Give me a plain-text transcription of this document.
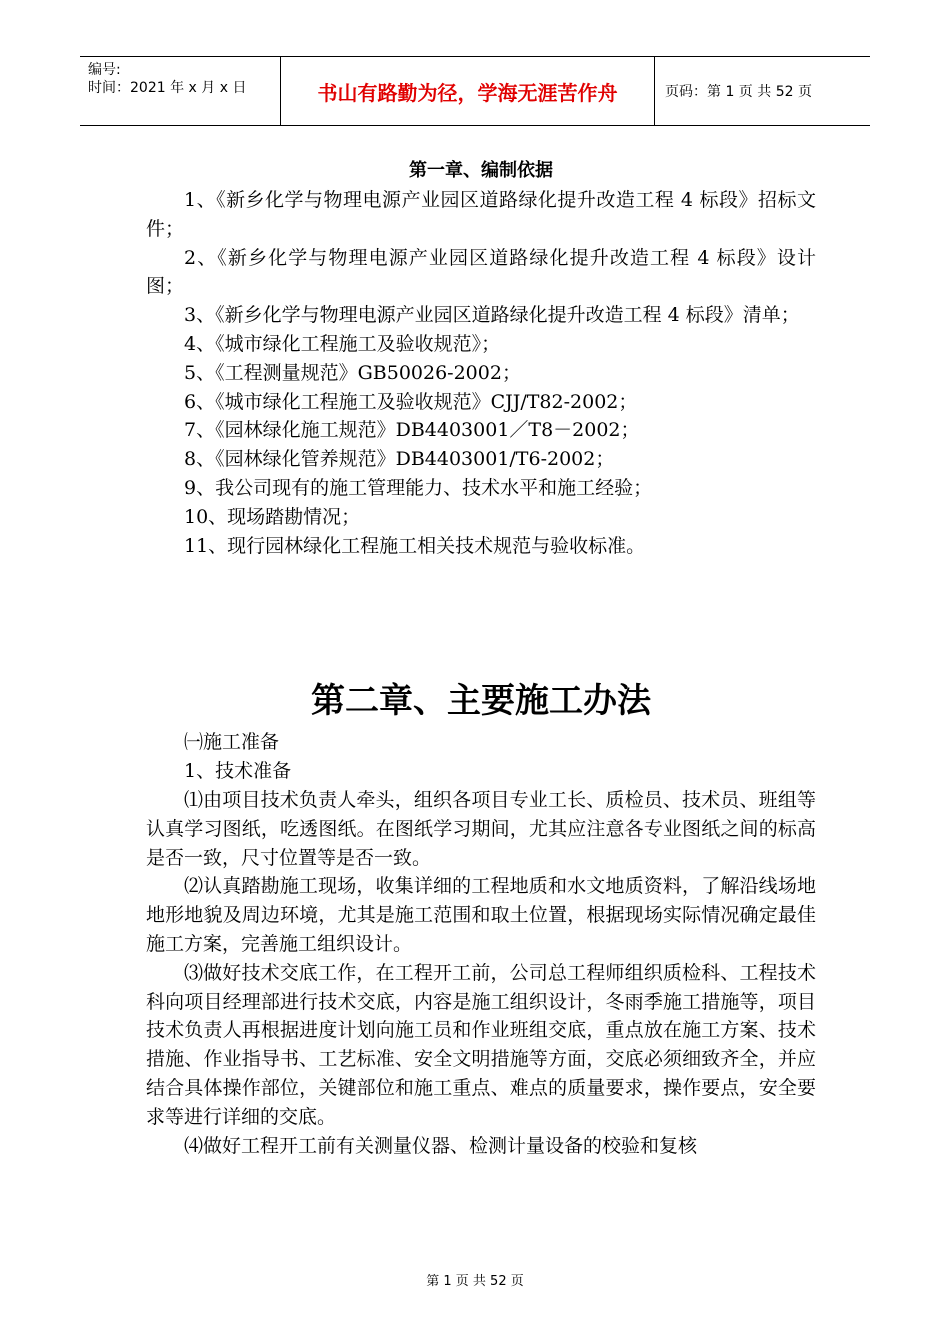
编号:
时间：2021 年 x 月 x 日	书山有路勤为径，学海无涯苦作舟	页码：第 1 页 共 52 页
第一章、编制依据

1、《新乡化学与物理电源产业园区道路绿化提升改造工程 4 标段》招标文件；

2、《新乡化学与物理电源产业园区道路绿化提升改造工程 4 标段》设计图；

3、《新乡化学与物理电源产业园区道路绿化提升改造工程 4 标段》清单；

4、《城市绿化工程施工及验收规范》；

5、《工程测量规范》GB50026-2002；

6、《城市绿化工程施工及验收规范》CJJ/T82-2002；

7、《园林绿化施工规范》DB4403001／T8－2002；

8、《园林绿化管养规范》DB4403001/T6-2002；

9、我公司现有的施工管理能力、技术水平和施工经验；

10、现场踏勘情况；

11、现行园林绿化工程施工相关技术规范与验收标准。

第二章、主要施工办法

㈠施工准备

1、技术准备

⑴由项目技术负责人牵头，组织各项目专业工长、质检员、技术员、班组等认真学习图纸，吃透图纸。在图纸学习期间，尤其应注意各专业图纸之间的标高是否一致，尺寸位置等是否一致。

⑵认真踏勘施工现场，收集详细的工程地质和水文地质资料，了解沿线场地地形地貌及周边环境，尤其是施工范围和取土位置，根据现场实际情况确定最佳施工方案，完善施工组织设计。

⑶做好技术交底工作，在工程开工前，公司总工程师组织质检科、工程技术科向项目经理部进行技术交底，内容是施工组织设计，冬雨季施工措施等，项目技术负责人再根据进度计划向施工员和作业班组交底，重点放在施工方案、技术措施、作业指导书、工艺标准、安全文明措施等方面，交底必须细致齐全，并应结合具体操作部位，关键部位和施工重点、难点的质量要求，操作要点，安全要求等进行详细的交底。

⑷做好工程开工前有关测量仪器、检测计量设备的校验和复核

第 1 页 共 52 页
